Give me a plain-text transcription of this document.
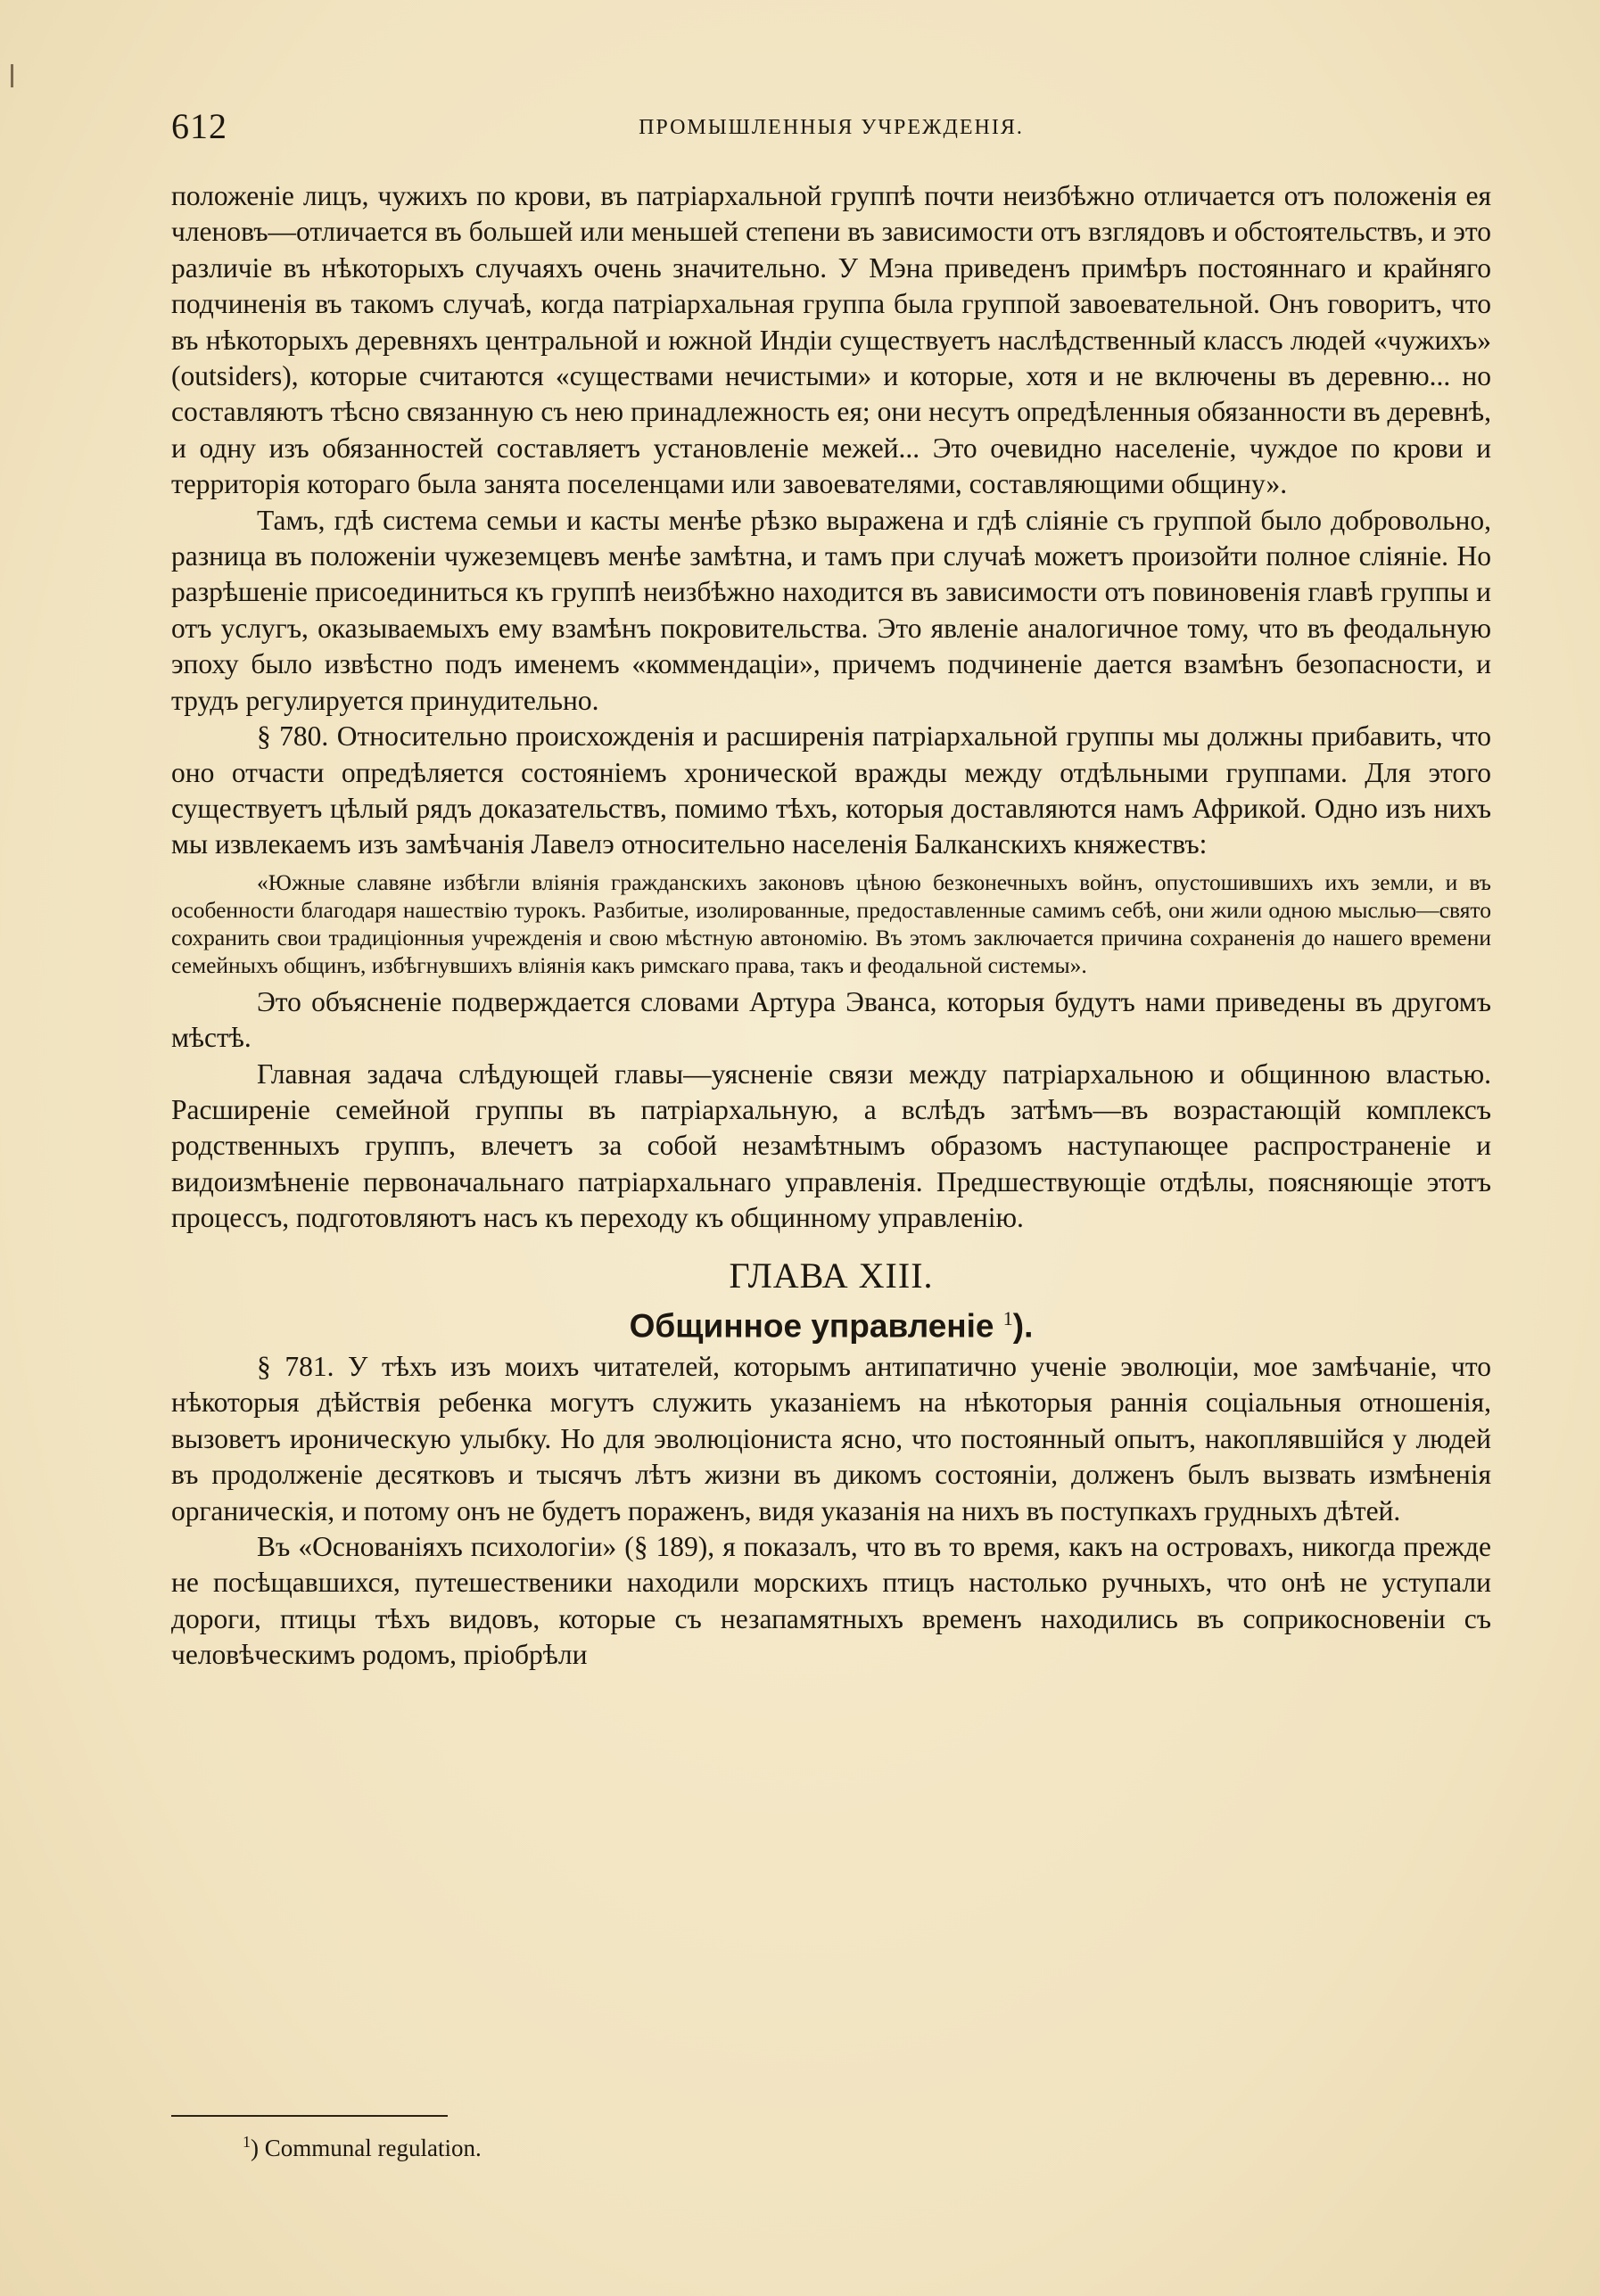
612	ПРОМЫШЛЕННЫЯ УЧРЕЖДЕНІЯ.

положеніе лицъ, чужихъ по крови, въ патріархальной группѣ почти неизбѣжно отличается отъ положенія ея членовъ—отличается въ большей или меньшей степени въ зависимости отъ взглядовъ и обстоятельствъ, и это различіе въ нѣкоторыхъ случаяхъ очень значительно. У Мэна приведенъ примѣръ постояннаго и крайняго подчиненія въ такомъ случаѣ, когда патріархальная группа была группой завоевательной. Онъ говоритъ, что въ нѣкоторыхъ деревняхъ центральной и южной Индіи существуетъ наслѣдственный классъ людей «чужихъ» (outsiders), которые считаются «существами нечистыми» и которые, хотя и не включены въ деревню... но составляютъ тѣсно связанную съ нею принадлежность ея; они несутъ опредѣленныя обязанности въ деревнѣ, и одну изъ обязанностей составляетъ установленіе межей... Это очевидно населеніе, чуждое по крови и территорія котораго была занята поселенцами или завоевателями, составляющими общину».

Тамъ, гдѣ система семьи и касты менѣе рѣзко выражена и гдѣ сліяніе съ группой было добровольно, разница въ положеніи чужеземцевъ менѣе замѣтна, и тамъ при случаѣ можетъ произойти полное сліяніе. Но разрѣшеніе присоединиться къ группѣ неизбѣжно находится въ зависимости отъ повиновенія главѣ группы и отъ услугъ, оказываемыхъ ему взамѣнъ покровительства. Это явленіе аналогичное тому, что въ феодальную эпоху было извѣстно подъ именемъ «коммендаціи», причемъ подчиненіе дается взамѣнъ безопасности, и трудъ регулируется принудительно.

§ 780. Относительно происхожденія и расширенія патріархальной группы мы должны прибавить, что оно отчасти опредѣляется состояніемъ хронической вражды между отдѣльными группами. Для этого существуетъ цѣлый рядъ доказательствъ, помимо тѣхъ, которыя доставляются намъ Африкой. Одно изъ нихъ мы извлекаемъ изъ замѣчанія Лавелэ относительно населенія Балканскихъ княжествъ:

«Южные славяне избѣгли вліянія гражданскихъ законовъ цѣною безконечныхъ войнъ, опустошившихъ ихъ земли, и въ особенности благодаря нашествію турокъ. Разбитые, изолированные, предоставленные самимъ себѣ, они жили одною мыслью—свято сохранить свои традиціонныя учрежденія и свою мѣстную автономію. Въ этомъ заключается причина сохраненія до нашего времени семейныхъ общинъ, избѣгнувшихъ вліянія какъ римскаго права, такъ и феодальной системы».

Это объясненіе подверждается словами Артура Эванса, которыя будутъ нами приведены въ другомъ мѣстѣ.

Главная задача слѣдующей главы—уясненіе связи между патріархальною и общинною властью. Расширеніе семейной группы въ патріархальную, а вслѣдъ затѣмъ—въ возрастающій комплексъ родственныхъ группъ, влечетъ за собой незамѣтнымъ образомъ наступающее распространеніе и видоизмѣненіе первоначальнаго патріархальнаго управленія. Предшествующіе отдѣлы, поясняющіе этотъ процессъ, подготовляютъ насъ къ переходу къ общинному управленію.

ГЛАВА XIII.
Общинное управленіе $^1$).

§ 781. У тѣхъ изъ моихъ читателей, которымъ антипатично ученіе эволюціи, мое замѣчаніе, что нѣкоторыя дѣйствія ребенка могутъ служить указаніемъ на нѣкоторыя раннія соціальныя отношенія, вызоветъ ироническую улыбку. Но для эволюціониста ясно, что постоянный опытъ, накоплявшійся у людей въ продолженіе десятковъ и тысячъ лѣтъ жизни въ дикомъ состояніи, долженъ былъ вызвать измѣненія органическія, и потому онъ не будетъ пораженъ, видя указанія на нихъ въ поступкахъ грудныхъ дѣтей.

Въ «Основаніяхъ психологіи» (§ 189), я показалъ, что въ то время, какъ на островахъ, никогда прежде не посѣщавшихся, путешественики находили морскихъ птицъ настолько ручныхъ, что онѣ не уступали дороги, птицы тѣхъ видовъ, которые съ незапамятныхъ временъ находились въ соприкосновеніи съ человѣческимъ родомъ, пріобрѣли

$^1$) Communal regulation.
